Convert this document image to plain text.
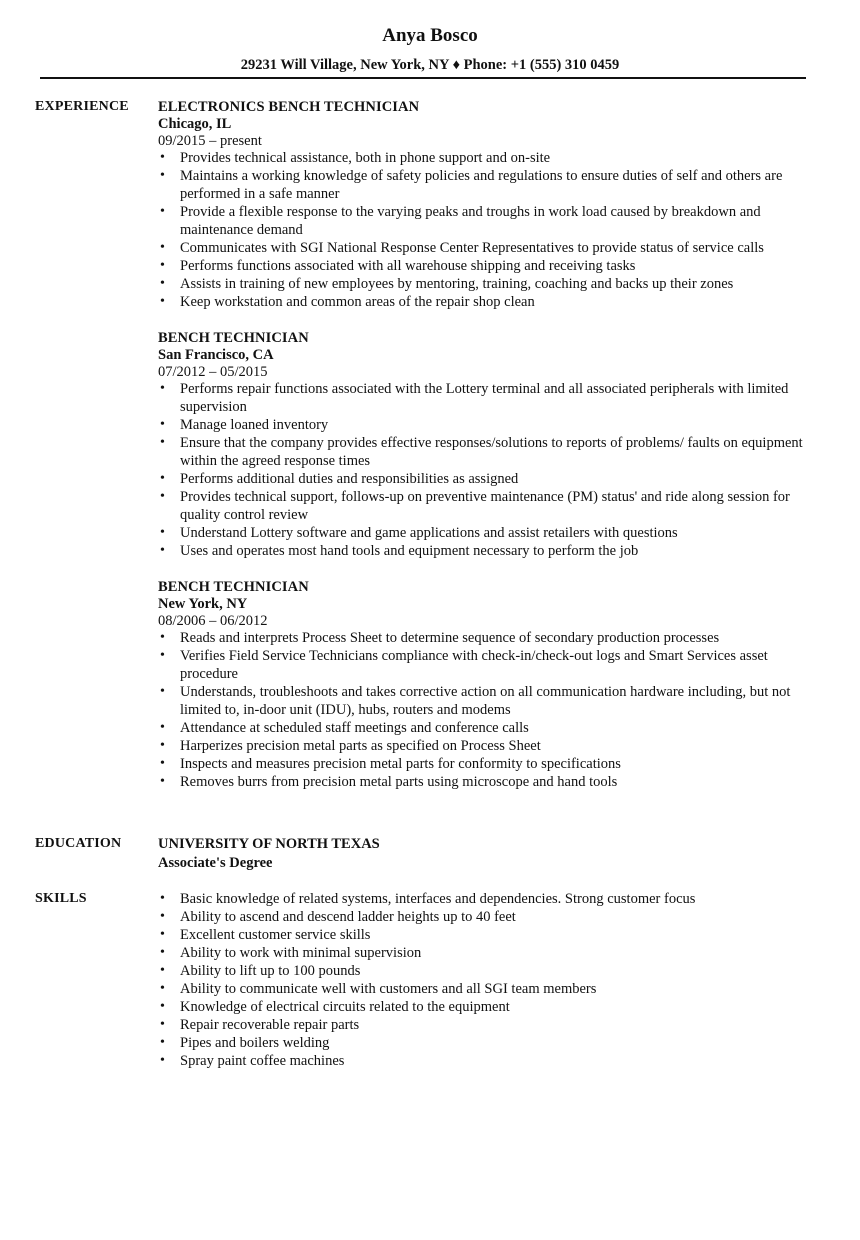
Anya Bosco
29231 Will Village, New York, NY ♦ Phone: +1 (555) 310 0459
EXPERIENCE ELECTRONICS BENCH TECHNICIAN
Chicago, IL
09/2015 – present
• Provides technical assistance, both in phone support and on-site
• Maintains a working knowledge of safety policies and regulations to ensure duties of self and others are performed in a safe manner
• Provide a flexible response to the varying peaks and troughs in work load caused by breakdown and maintenance demand
• Communicates with SGI National Response Center Representatives to provide status of service calls
• Performs functions associated with all warehouse shipping and receiving tasks
• Assists in training of new employees by mentoring, training, coaching and backs up their zones
• Keep workstation and common areas of the repair shop clean
BENCH TECHNICIAN
San Francisco, CA
07/2012 – 05/2015
• Performs repair functions associated with the Lottery terminal and all associated peripherals with limited supervision
• Manage loaned inventory
• Ensure that the company provides effective responses/solutions to reports of problems/ faults on equipment within the agreed response times
• Performs additional duties and responsibilities as assigned
• Provides technical support, follows-up on preventive maintenance (PM) status' and ride along session for quality control review
• Understand Lottery software and game applications and assist retailers with questions
• Uses and operates most hand tools and equipment necessary to perform the job
BENCH TECHNICIAN
New York, NY
08/2006 – 06/2012
• Reads and interprets Process Sheet to determine sequence of secondary production processes
• Verifies Field Service Technicians compliance with check-in/check-out logs and Smart Services asset procedure
• Understands, troubleshoots and takes corrective action on all communication hardware including, but not limited to, in-door unit (IDU), hubs, routers and modems
• Attendance at scheduled staff meetings and conference calls
• Harperizes precision metal parts as specified on Process Sheet
• Inspects and measures precision metal parts for conformity to specifications
• Removes burrs from precision metal parts using microscope and hand tools
EDUCATION	UNIVERSITY OF NORTH TEXAS
Associate's Degree
SKILLS
•	Basic knowledge of related systems, interfaces and dependencies. Strong customer focus
• Ability to ascend and descend ladder heights up to 40 feet
• Excellent customer service skills
• Ability to work with minimal supervision
• Ability to lift up to 100 pounds
• Ability to communicate well with customers and all SGI team members
• Knowledge of electrical circuits related to the equipment
• Repair recoverable repair parts
• Pipes and boilers welding
• Spray paint coffee machines
